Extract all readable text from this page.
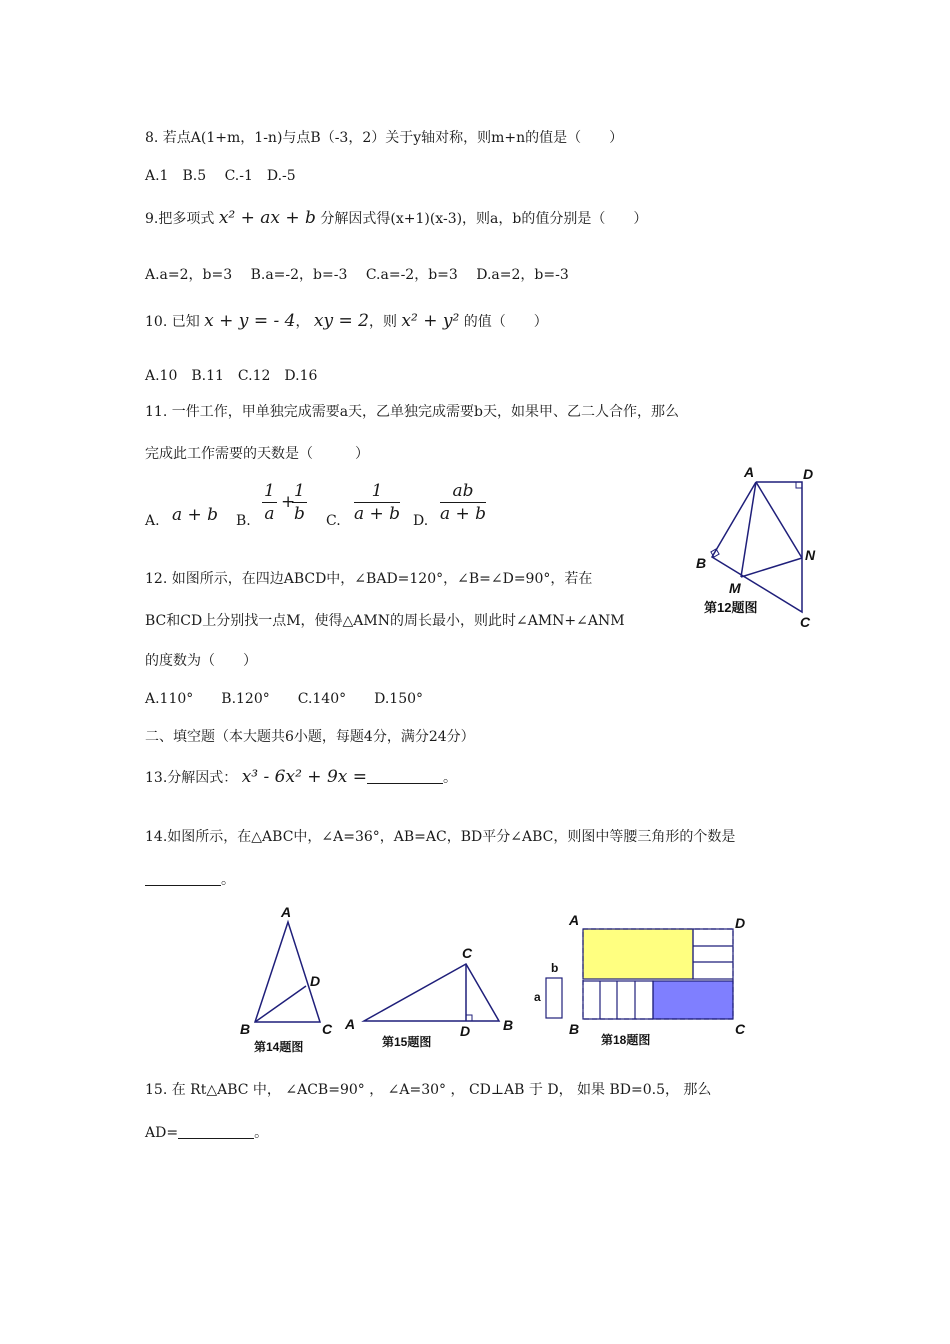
8. 若点A(1+m，1-n)与点B（-3，2）关于y轴对称，则m+n的值是（　　）
A.1　B.5　 C.-1　D.-5
9.把多项式 x² + ax + b 分解因式得(x+1)(x-3)，则a，b的值分别是（　　）
A.a=2，b=3　 B.a=-2，b=-3　 C.a=-2，b=3　 D.a=2，b=-3
10. 已知 x + y = - 4， xy = 2，则 x² + y² 的值（　　）
A.10　B.11　C.12　D.16
11. 一件工作，甲单独完成需要a天，乙单独完成需要b天，如果甲、乙二人合作，那么
完成此工作需要的天数是（　　　）
A. a + b B. $\frac{1}{a}$ +
$\frac{1}{b} C$. $\frac{1}{a + b} D$. $\frac{ab}{a + b}$
A	D
B
M
N
C
第12题图
12. 如图所示，在四边ABCD中，∠BAD=120°，∠B=∠D=90°，若在
BC和CD上分别找一点M，使得△AMN的周长最小，则此时∠AMN+∠ANM
的度数为（　　）
A.110°　　B.120°　　C.140°　　D.150°
二、填空题（本大题共6小题，每题4分，满分24分）
13.分解因式： x³ - 6x² + 9x =	。
14.如图所示，在△ABC中，∠A=36°，AB=AC，BD平分∠ABC，则图中等腰三角形的个数是
。
A
D
B	C
第14题图
C
A	D B
第15题图
A	D
B	C
a
b
第18题图
15. 在 Rt△ABC 中， ∠ACB=90° ， ∠A=30° ， CD⊥AB 于 D， 如果 BD=0.5， 那么
AD=	。
